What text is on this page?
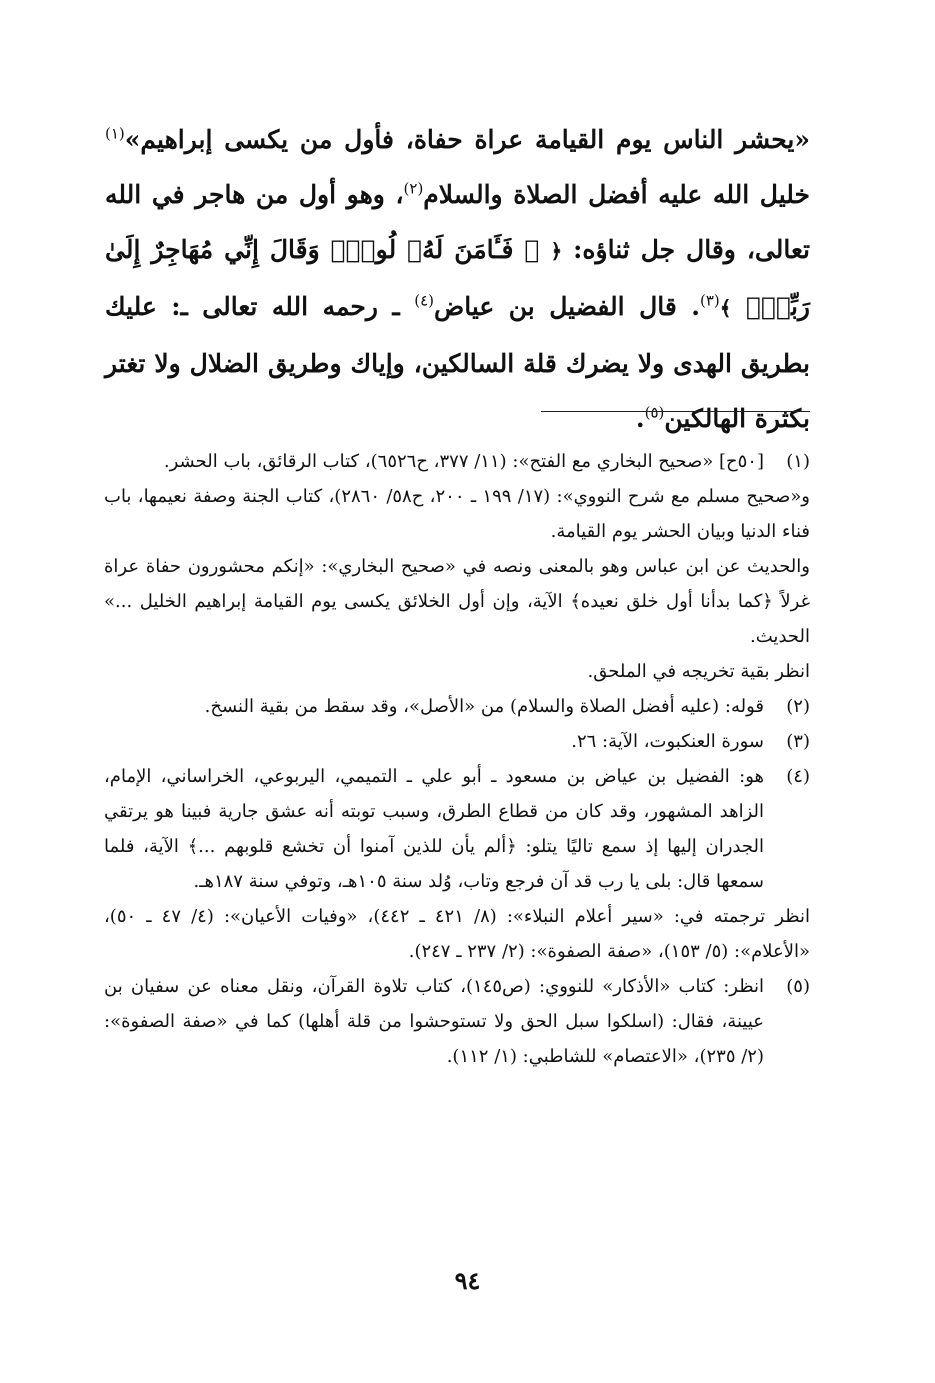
«يحشر الناس يوم القيامة عراة حفاة، فأول من يكسى إبراهيم»$^{(١)}$ خليل الله عليه أفضل الصلاة والسلام$^{(٢)}$، وهو أول من هاجر في الله تعالى، وقال جل ثناؤه: ﴿ ۞ فَـَٔامَنَ لَهُۥ لُوطٌۘ وَقَالَ إِنِّي مُهَاجِرٌ إِلَىٰ رَبِّيٓۖ ﴾$^{(٣)}$. قال الفضيل بن عياض$^{(٤)}$ ـ رحمه الله تعالى ـ: عليك بطريق الهدى ولا يضرك قلة السالكين، وإياك وطريق الضلال ولا تغتر بكثرة الهالكين$^{(٥)}$.

(١)

[٥٠ح] «صحيح البخاري مع الفتح»: (١١/ ٣٧٧، ح٦٥٢٦)، كتاب الرقائق، باب الحشر.

و«صحيح مسلم مع شرح النووي»: (١٧/ ١٩٩ ـ ٢٠٠، ح٥٨/ ٢٨٦٠)، كتاب الجنة وصفة نعيمها، باب فناء الدنيا وبيان الحشر يوم القيامة.

والحديث عن ابن عباس وهو بالمعنى ونصه في «صحيح البخاري»: «إنكم محشورون حفاة عراة غرلاً ﴿كما بدأنا أول خلق نعيده﴾ الآية، وإن أول الخلائق يكسى يوم القيامة إبراهيم الخليل ...» الحديث.

انظر بقية تخريجه في الملحق.

(٢)

قوله: (عليه أفضل الصلاة والسلام) من «الأصل»، وقد سقط من بقية النسخ.

(٣)

سورة العنكبوت، الآية: ٢٦.

(٤)

هو: الفضيل بن عياض بن مسعود ـ أبو علي ـ التميمي، اليربوعي، الخراساني، الإمام، الزاهد المشهور، وقد كان من قطاع الطرق، وسبب توبته أنه عشق جارية فبينا هو يرتقي الجدران إليها إذ سمع تاليًا يتلو: ﴿ألم يأن للذين آمنوا أن تخشع قلوبهم ...﴾ الآية، فلما سمعها قال: بلى يا رب قد آن فرجع وتاب، وُلد سنة ١٠٥هـ، وتوفي سنة ١٨٧هـ.

انظر ترجمته في: «سير أعلام النبلاء»: (٨/ ٤٢١ ـ ٤٤٢)، «وفيات الأعيان»: (٤/ ٤٧ ـ ٥٠)، «الأعلام»: (٥/ ١٥٣)، «صفة الصفوة»: (٢/ ٢٣٧ ـ ٢٤٧).

(٥)

انظر: كتاب «الأذكار» للنووي: (ص١٤٥)، كتاب تلاوة القرآن، ونقل معناه عن سفيان بن عيينة، فقال: (اسلكوا سبل الحق ولا تستوحشوا من قلة أهلها) كما في «صفة الصفوة»: (٢/ ٢٣٥)، «الاعتصام» للشاطبي: (١/ ١١٢).

٩٤
